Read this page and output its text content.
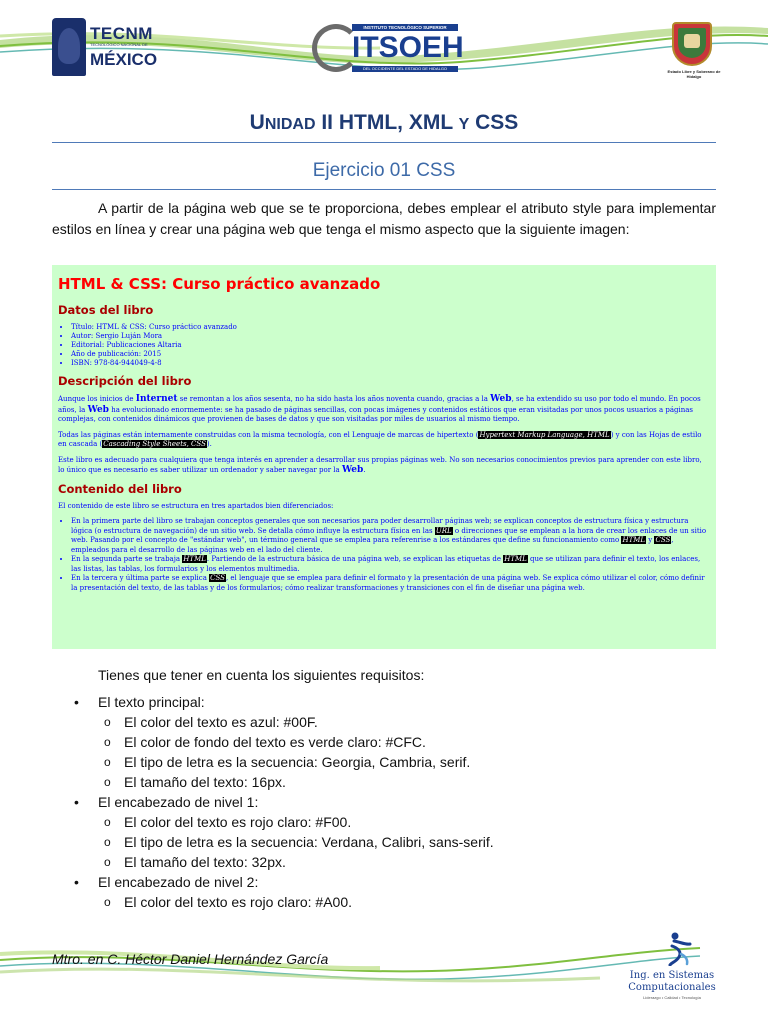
TECNM
TECNOLÓGICO NACIONAL DE
MÉXICO
INSTITUTO TECNOLÓGICO SUPERIOR
ITSOEH
DEL OCCIDENTE DEL ESTADO DE HIDALGO
Estado Libre y Soberano de Hidalgo
UNIDAD II HTML, XML Y CSS
Ejercicio 01 CSS

A partir de la página web que se te proporciona, debes emplear el atributo style para implementar estilos en línea y crear una página web que tenga el mismo aspecto que la siguiente imagen:

HTML & CSS: Curso práctico avanzado
Datos del libro
• Título: HTML & CSS: Curso práctico avanzado
• Autor: Sergio Luján Mora
• Editorial: Publicaciones Altaria
• Año de publicación: 2015
• ISBN: 978-84-944049-4-8
Descripción del libro

Aunque los inicios de Internet se remontan a los años sesenta, no ha sido hasta los años noventa cuando, gracias a la Web, se ha extendido su uso por todo el mundo. En pocos años, la Web ha evolucionado enormemente: se ha pasado de páginas sencillas, con pocas imágenes y contenidos estáticos que eran visitadas por unos pocos usuarios a páginas complejas, con contenidos dinámicos que provienen de bases de datos y que son visitadas por miles de usuarios al mismo tiempo.

Todas las páginas están internamente construidas con la misma tecnología, con el Lenguaje de marcas de hipertexto (Hypertext Markup Language, HTML) y con las Hojas de estilo en cascada (Cascading Style Sheets, CSS).

Este libro es adecuado para cualquiera que tenga interés en aprender a desarrollar sus propias páginas web. No son necesarios conocimientos previos para aprender con este libro, lo único que es necesario es saber utilizar un ordenador y saber navegar por la Web.

Contenido del libro

El contenido de este libro se estructura en tres apartados bien diferenciados:

• En la primera parte del libro se trabajan conceptos generales que son necesarios para poder desarrollar páginas web; se explican conceptos de estructura física y estructura lógica (o estructura de navegación) de un sitio web. Se detalla cómo influye la estructura física en las URL o direcciones que se emplean a la hora de crear los enlaces de un sitio web. Pasando por el concepto de "estándar web", un término general que se emplea para referenrise a los estándares que define su funcionamiento como HTML y CSS, empleados para el desarrollo de las páginas web en el lado del cliente.
• En la segunda parte se trabaja HTML. Partiendo de la estructura básica de una página web, se explican las etiquetas de HTML que se utilizan para definir el texto, los enlaces, las listas, las tablas, los formularios y los elementos multimedia.
• En la tercera y última parte se explica CSS, el lenguaje que se emplea para definir el formato y la presentación de una página web. Se explica cómo utilizar el color, cómo definir la presentación del texto, de las tablas y de los formularios; cómo realizar transformaciones y transiciones con el fin de diseñar una página web.
Tienes que tener en cuenta los siguientes requisitos:
• El texto principal:
o El color del texto es azul: #00F.
o El color de fondo del texto es verde claro: #CFC.
o El tipo de letra es la secuencia: Georgia, Cambria, serif.
o El tamaño del texto: 16px.
• El encabezado de nivel 1:
o El color del texto es rojo claro: #F00.
o El tipo de letra es la secuencia: Verdana, Calibri, sans-serif.
o El tamaño del texto: 32px.
• El encabezado de nivel 2:
o El color del texto es rojo claro: #A00.
Mtro. en C. Héctor Daniel Hernández García
Ing. en Sistemas
Computacionales
Liderazgo • Calidad • Tecnología
